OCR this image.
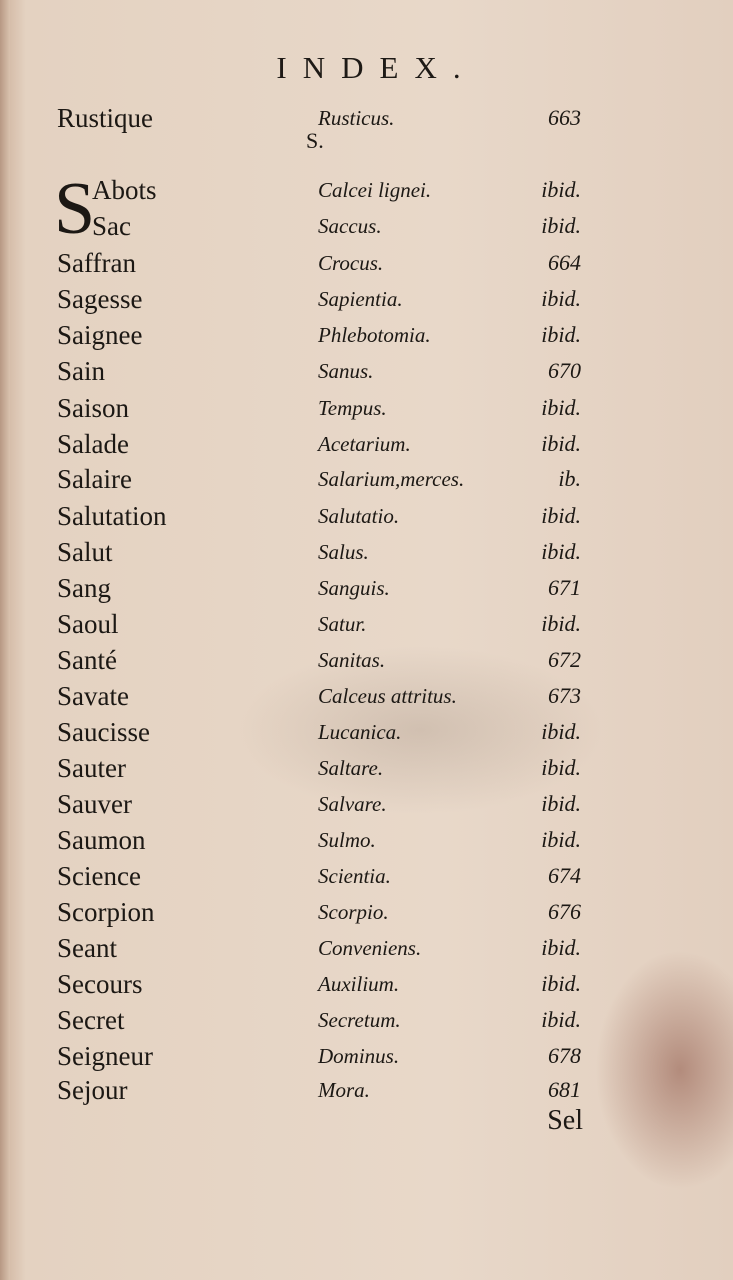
INDEX.
S.
S
Rustique	Rusticus.	663
Abots	Calcei lignei.	ibid.
Sac	Saccus.	ibid.
Saffran	Crocus.	664
Sagesse	Sapientia.	ibid.
Saignee	Phlebotomia.	ibid.
Sain	Sanus.	670
Saison	Tempus.	ibid.
Salade	Acetarium.	ibid.
Salaire	Salarium,merces.	ib.
Salutation	Salutatio.	ibid.
Salut	Salus.	ibid.
Sang	Sanguis.	671
Saoul	Satur.	ibid.
Santé	Sanitas.	672
Savate	Calceus attritus.	673
Saucisse	Lucanica.	ibid.
Sauter	Saltare.	ibid.
Sauver	Salvare.	ibid.
Saumon	Sulmo.	ibid.
Science	Scientia.	674
Scorpion	Scorpio.	676
Seant	Conveniens.	ibid.
Secours	Auxilium.	ibid.
Secret	Secretum.	ibid.
Seigneur	Dominus.	678
Sejour	Mora.	681
Sel
